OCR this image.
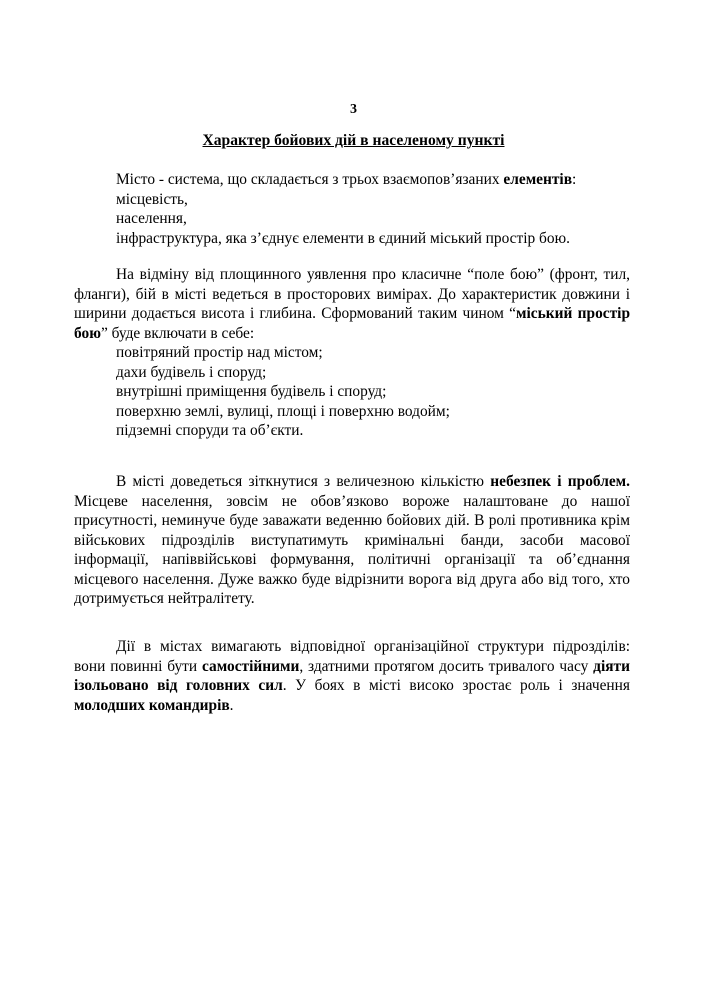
3
Характер бойових дій в населеному пункті
Місто - система, що складається з трьох взаємопов’язаних елементів:
місцевість,
населення,
інфраструктура, яка з’єднує елементи в єдиний міський простір бою.

На відміну від площинного уявлення про класичне “поле бою” (фронт, тил, фланги), бій в місті ведеться в просторових вимірах. До характеристик довжини і ширини додається висота і глибина. Сформований таким чином “міський простір бою” буде включати в себе:

повітряний простір над містом;
дахи будівель і споруд;
внутрішні приміщення будівель і споруд;
поверхню землі, вулиці, площі і поверхню водойм;
підземні споруди та об’єкти.

В місті доведеться зіткнутися з величезною кількістю небезпек і проблем. Місцеве населення, зовсім не обов’язково вороже налаштоване до нашої присутності, неминуче буде заважати веденню бойових дій. В ролі противника крім військових підрозділів виступатимуть кримінальні банди, засоби масової інформації, напіввійськові формування, політичні організації та об’єднання місцевого населення. Дуже важко буде відрізнити ворога від друга або від того, хто дотримується нейтралітету.

Дії в містах вимагають відповідної організаційної структури підрозділів: вони повинні бути самостійними, здатними протягом досить тривалого часу діяти ізольовано від головних сил. У боях в місті високо зростає роль і значення молодших командирів.
